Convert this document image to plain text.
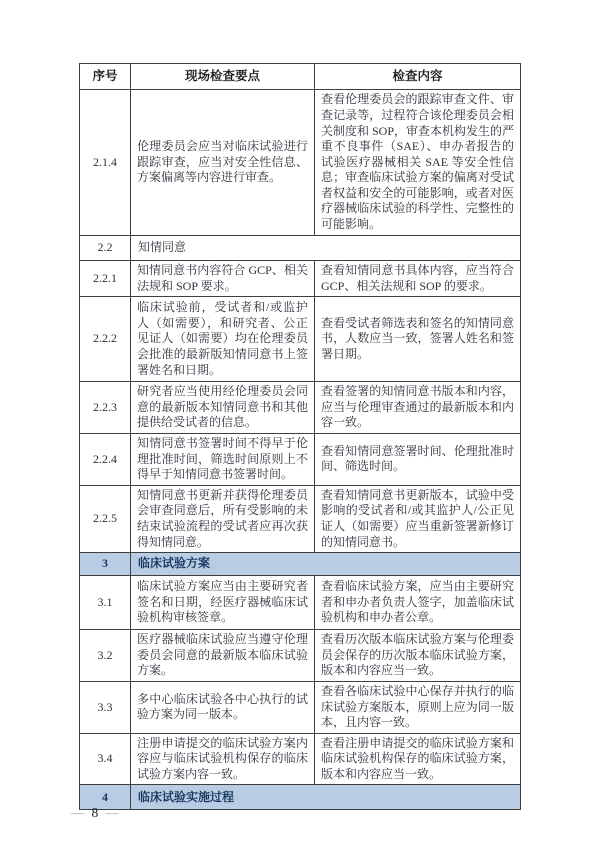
序号	现场检查要点	检查内容
2.1.4	伦理委员会应当对临床试验进行跟踪审查，应当对安全性信息、方案偏离等内容进行审查。	查看伦理委员会的跟踪审查文件、审查记录等，过程符合该伦理委员会相关制度和 SOP，审查本机构发生的严重不良事件（SAE）、申办者报告的试验医疗器械相关 SAE 等安全性信息；审查临床试验方案的偏离对受试者权益和安全的可能影响，或者对医疗器械临床试验的科学性、完整性的可能影响。
2.2	知情同意	
2.2.1	知情同意书内容符合 GCP、相关法规和 SOP 要求。	查看知情同意书具体内容，应当符合 GCP、相关法规和 SOP 的要求。
2.2.2	临床试验前，受试者和/或监护人（如需要），和研究者、公正见证人（如需要）均在伦理委员会批准的最新版知情同意书上签署姓名和日期。	查看受试者筛选表和签名的知情同意书，人数应当一致，签署人姓名和签署日期。
2.2.3	研究者应当使用经伦理委员会同意的最新版本知情同意书和其他提供给受试者的信息。	查看签署的知情同意书版本和内容，应当与伦理审查通过的最新版本和内容一致。
2.2.4	知情同意书签署时间不得早于伦理批准时间，筛选时间原则上不得早于知情同意书签署时间。	查看知情同意签署时间、伦理批准时间、筛选时间。
2.2.5	知情同意书更新并获得伦理委员会审查同意后，所有受影响的未结束试验流程的受试者应再次获得知情同意。	查看知情同意书更新版本，试验中受影响的受试者和/或其监护人/公正见证人（如需要）应当重新签署新修订的知情同意书。
3	临床试验方案	
3.1	临床试验方案应当由主要研究者签名和日期，经医疗器械临床试验机构审核签章。	查看临床试验方案，应当由主要研究者和申办者负责人签字，加盖临床试验机构和申办者公章。
3.2	医疗器械临床试验应当遵守伦理委员会同意的最新版本临床试验方案。	查看历次版本临床试验方案与伦理委员会保存的历次版本临床试验方案，版本和内容应当一致。
3.3	多中心临床试验各中心执行的试验方案为同一版本。	查看各临床试验中心保存并执行的临床试验方案版本，原则上应为同一版本，且内容一致。
3.4	注册申请提交的临床试验方案内容应与临床试验机构保存的临床试验方案内容一致。	查看注册申请提交的临床试验方案和临床试验机构保存的临床试验方案，版本和内容应当一致。
4	临床试验实施过程	
— 8 —
